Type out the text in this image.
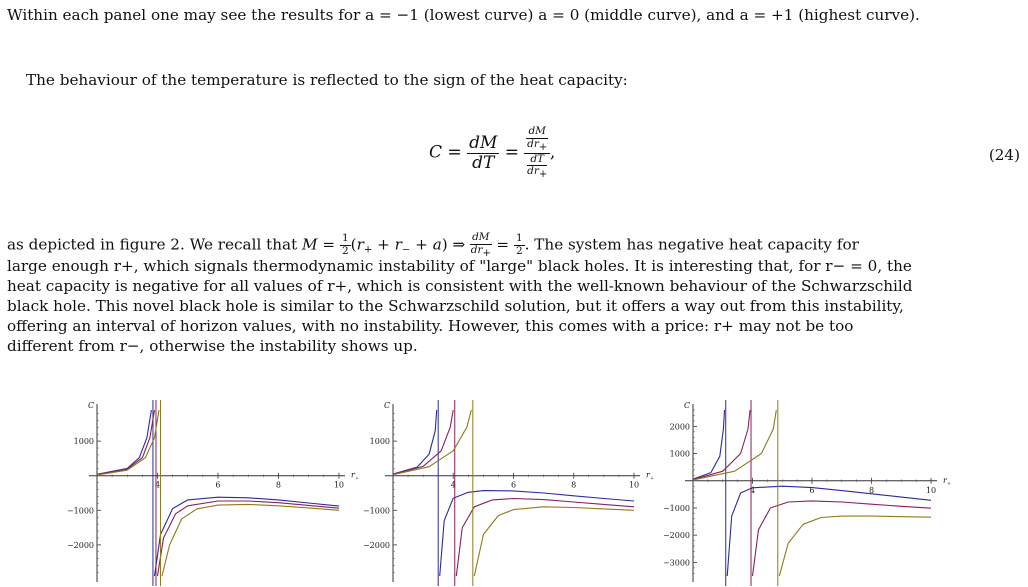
Within each panel one may see the results for a = −1 (lowest curve) a = 0 (middle curve), and a = +1 (highest curve).
The behaviour of the temperature is reflected to the sign of the heat capacity:
$C = \frac{dM}{dT} = \frac{\frac{dM}{dr+}}{\frac{dT}{dr+}}$ ,	(24)
as depicted in figure 2. We recall that $M = \frac{1}{2} (r_+ + r_- + a)$ ⇒ $\frac{dM}{dr+} = \frac{1}{2}$ . The system has negative heat capacity for
large enough r+, which signals thermodynamic instability of "large" black holes. It is interesting that, for r− = 0, the
heat capacity is negative for all values of r+, which is consistent with the well-known behaviour of the Schwarzschild
black hole. This novel black hole is similar to the Schwarzschild solution, but it offers a way out from this instability,
offering an interval of horizon values, with no instability. However, this comes with a price: r+ may not be too
different from r−, otherwise the instability shows up.
4	6	8	10
1000
−1000
−2000
C
$r_+$
4	6	8	10
1000
−1000
−2000
C
$r_+$
4	6	8	10
2000
1000
−1000
−2000
−3000
C
$r_+$
